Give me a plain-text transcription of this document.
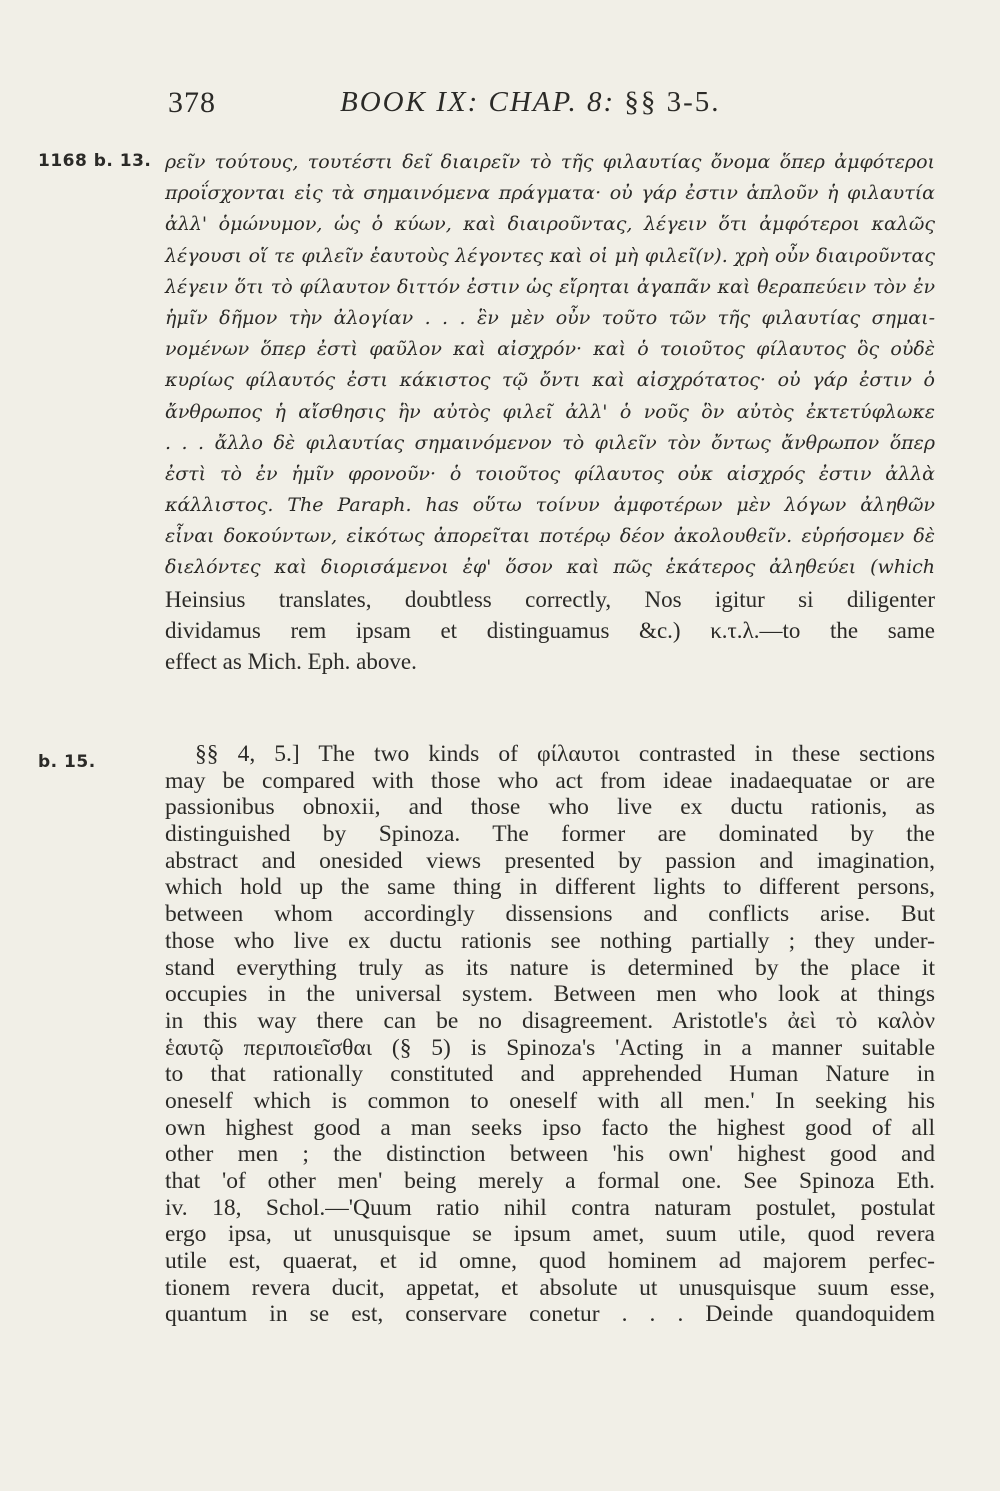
378	BOOK IX: CHAP. 8: §§ 3-5.
1168 b. 13. ρεῖν τούτους, τουτέστι δεῖ διαιρεῖν τὸ τῆς φιλαυτίας ὄνομα ὅπερ ἀμφότεροι
προΐσχονται εἰς τὰ σημαινόμενα πράγματα· οὐ γάρ ἐστιν ἁπλοῦν ἡ φιλαυτία
ἀλλ' ὁμώνυμον, ὡς ὁ κύων, καὶ διαιροῦντας, λέγειν ὅτι ἀμφότεροι καλῶς
λέγουσι οἵ τε φιλεῖν ἑαυτοὺς λέγοντες καὶ οἱ μὴ φιλεῖ(ν). χρὴ οὖν διαιροῦντας
λέγειν ὅτι τὸ φίλαυτον διττόν ἐστιν ὡς εἴρηται ἀγαπᾶν καὶ θεραπεύειν τὸν ἐν
ἡμῖν δῆμον τὴν ἀλογίαν . . . ἓν μὲν οὖν τοῦτο τῶν τῆς φιλαυτίας σημαι-
νομένων ὅπερ ἐστὶ φαῦλον καὶ αἰσχρόν· καὶ ὁ τοιοῦτος φίλαυτος ὃς οὐδὲ
κυρίως φίλαυτός ἐστι κάκιστος τῷ ὄντι καὶ αἰσχρότατος· οὐ γάρ ἐστιν ὁ
ἄνθρωπος ἡ αἴσθησις ἣν αὐτὸς φιλεῖ ἀλλ' ὁ νοῦς ὃν αὐτὸς ἐκτετύφλωκε
. . . ἄλλο δὲ φιλαυτίας σημαινόμενον τὸ φιλεῖν τὸν ὄντως ἄνθρωπον ὅπερ
ἐστὶ τὸ ἐν ἡμῖν φρονοῦν· ὁ τοιοῦτος φίλαυτος οὐκ αἰσχρός ἐστιν ἀλλὰ
κάλλιστος. The Paraph. has οὕτω τοίνυν ἀμφοτέρων μὲν λόγων ἀληθῶν
εἶναι δοκούντων, εἰκότως ἀπορεῖται ποτέρῳ δέον ἀκολουθεῖν. εὑρήσομεν δὲ
διελόντες καὶ διορισάμενοι ἐφ' ὅσον καὶ πῶς ἑκάτερος ἀληθεύει (which
Heinsius translates, doubtless correctly, Nos igitur si diligenter
dividamus rem ipsam et distinguamus &c.) κ.τ.λ.—to the same
effect as Mich. Eph. above.
b. 15.	§§ 4, 5.] The two kinds of φίλαυτοι contrasted in these sections
may be compared with those who act from ideae inadaequatae or are
passionibus obnoxii, and those who live ex ductu rationis, as
distinguished by Spinoza. The former are dominated by the
abstract and onesided views presented by passion and imagination,
which hold up the same thing in different lights to different persons,
between whom accordingly dissensions and conflicts arise. But
those who live ex ductu rationis see nothing partially ; they under-
stand everything truly as its nature is determined by the place it
occupies in the universal system. Between men who look at things
in this way there can be no disagreement. Aristotle's ἀεὶ τὸ καλὸν
ἑαυτῷ περιποιεῖσθαι (§ 5) is Spinoza's 'Acting in a manner suitable
to that rationally constituted and apprehended Human Nature in
oneself which is common to oneself with all men.' In seeking his
own highest good a man seeks ipso facto the highest good of all
other men ; the distinction between 'his own' highest good and
that 'of other men' being merely a formal one. See Spinoza Eth.
iv. 18, Schol.—'Quum ratio nihil contra naturam postulet, postulat
ergo ipsa, ut unusquisque se ipsum amet, suum utile, quod revera
utile est, quaerat, et id omne, quod hominem ad majorem perfec-
tionem revera ducit, appetat, et absolute ut unusquisque suum esse,
quantum in se est, conservare conetur . . . Deinde quandoquidem
